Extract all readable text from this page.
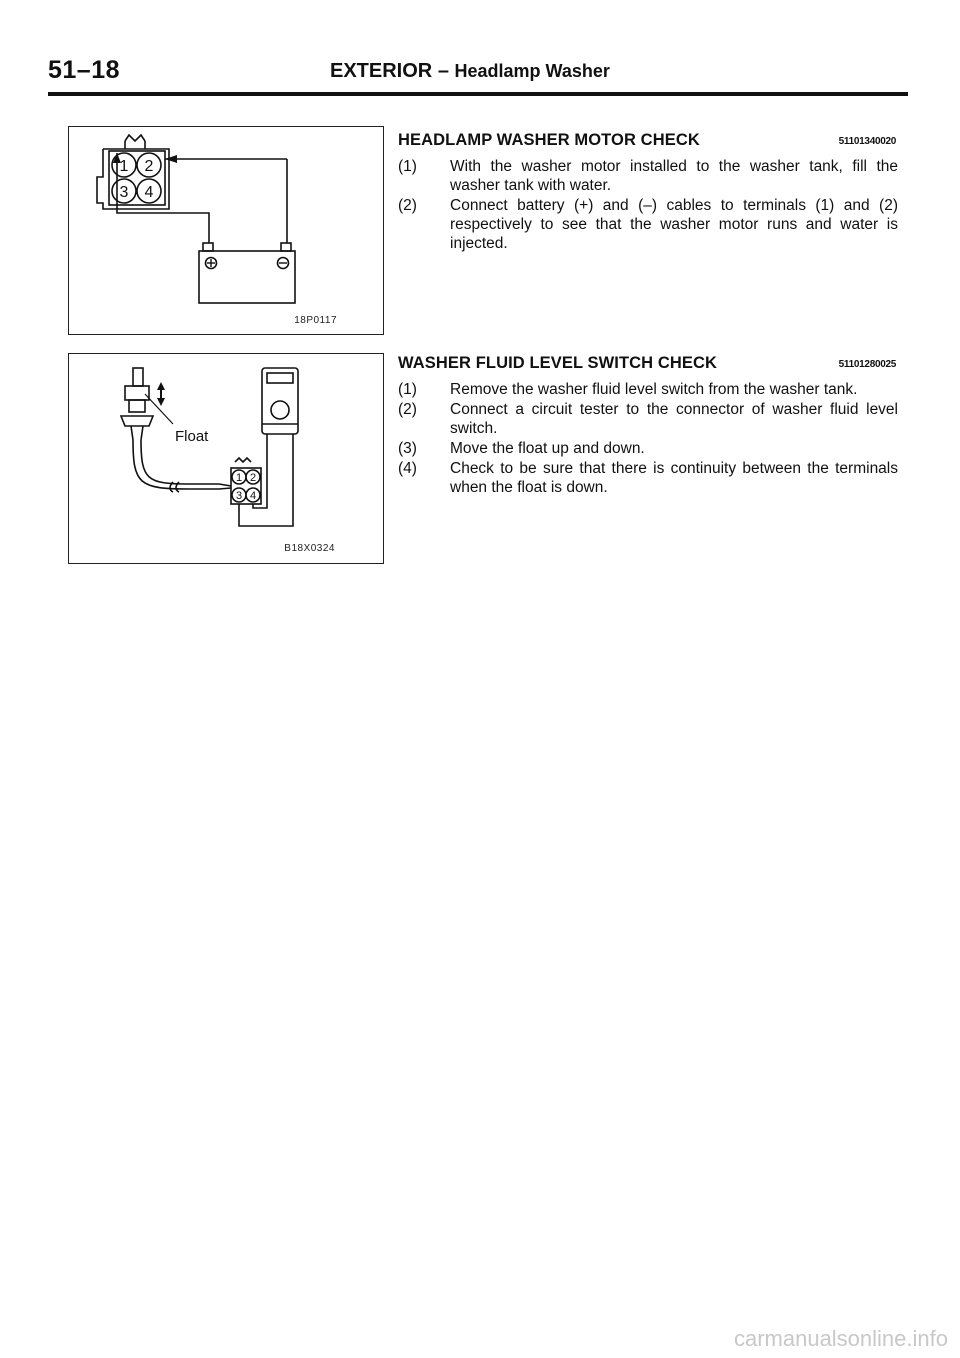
51–18	EXTERIOR – Headlamp Washer
1 2
3 4
18P0117
1 2
3 4
Float
B18X0324
HEADLAMP WASHER MOTOR CHECK	51101340020
(1) With the washer motor installed to the washer tank, fill the washer tank with water.
(2) Connect battery (+) and (–) cables to terminals (1) and (2) respectively to see that the washer motor runs and water is injected.
WASHER FLUID LEVEL SWITCH CHECK	51101280025
(1) Remove the washer fluid level switch from the washer tank.
(2) Connect a circuit tester to the connector of washer fluid level switch.
(3) Move the float up and down.
(4) Check to be sure that there is continuity between the terminals when the float is down.
carmanualsonline.info
